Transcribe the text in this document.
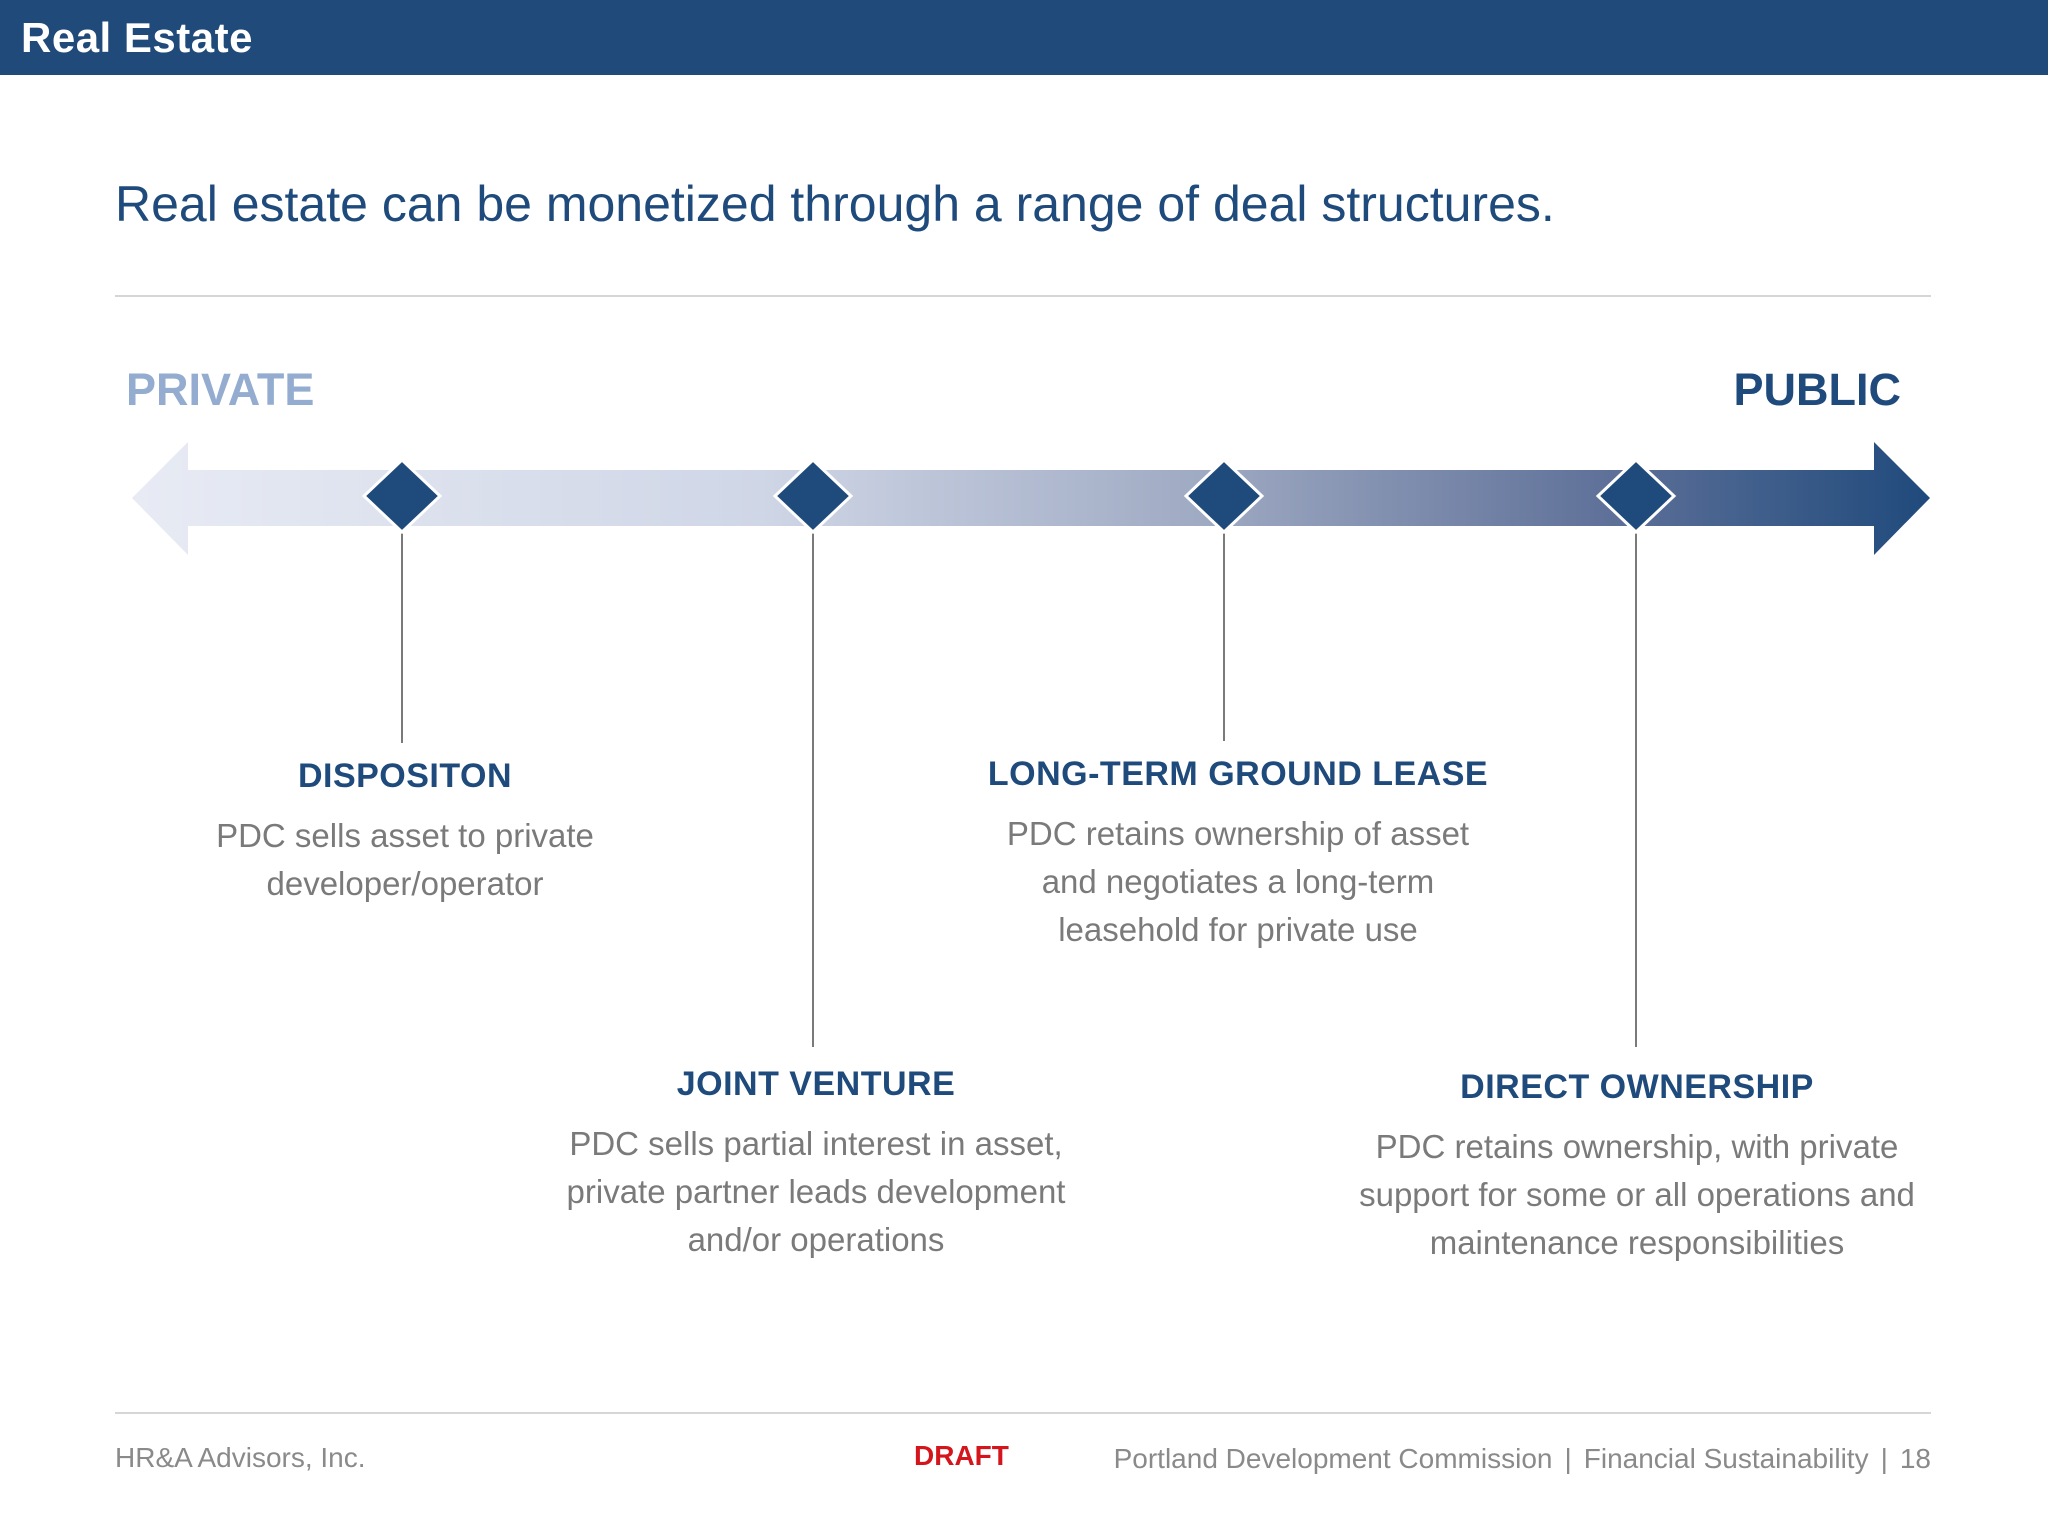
Real Estate
Real estate can be monetized through a range of deal structures.
PRIVATE	PUBLIC
DISPOSITON
PDC sells asset to private developer/operator
JOINT VENTURE
PDC sells partial interest in asset, private partner leads development and/or operations
LONG-TERM GROUND LEASE
PDC retains ownership of asset and negotiates a long-term leasehold for private use
DIRECT OWNERSHIP
PDC retains ownership, with private support for some or all operations and maintenance responsibilities
HR&A Advisors, Inc.	DRAFT	Portland Development Commission | Financial Sustainability | 18
